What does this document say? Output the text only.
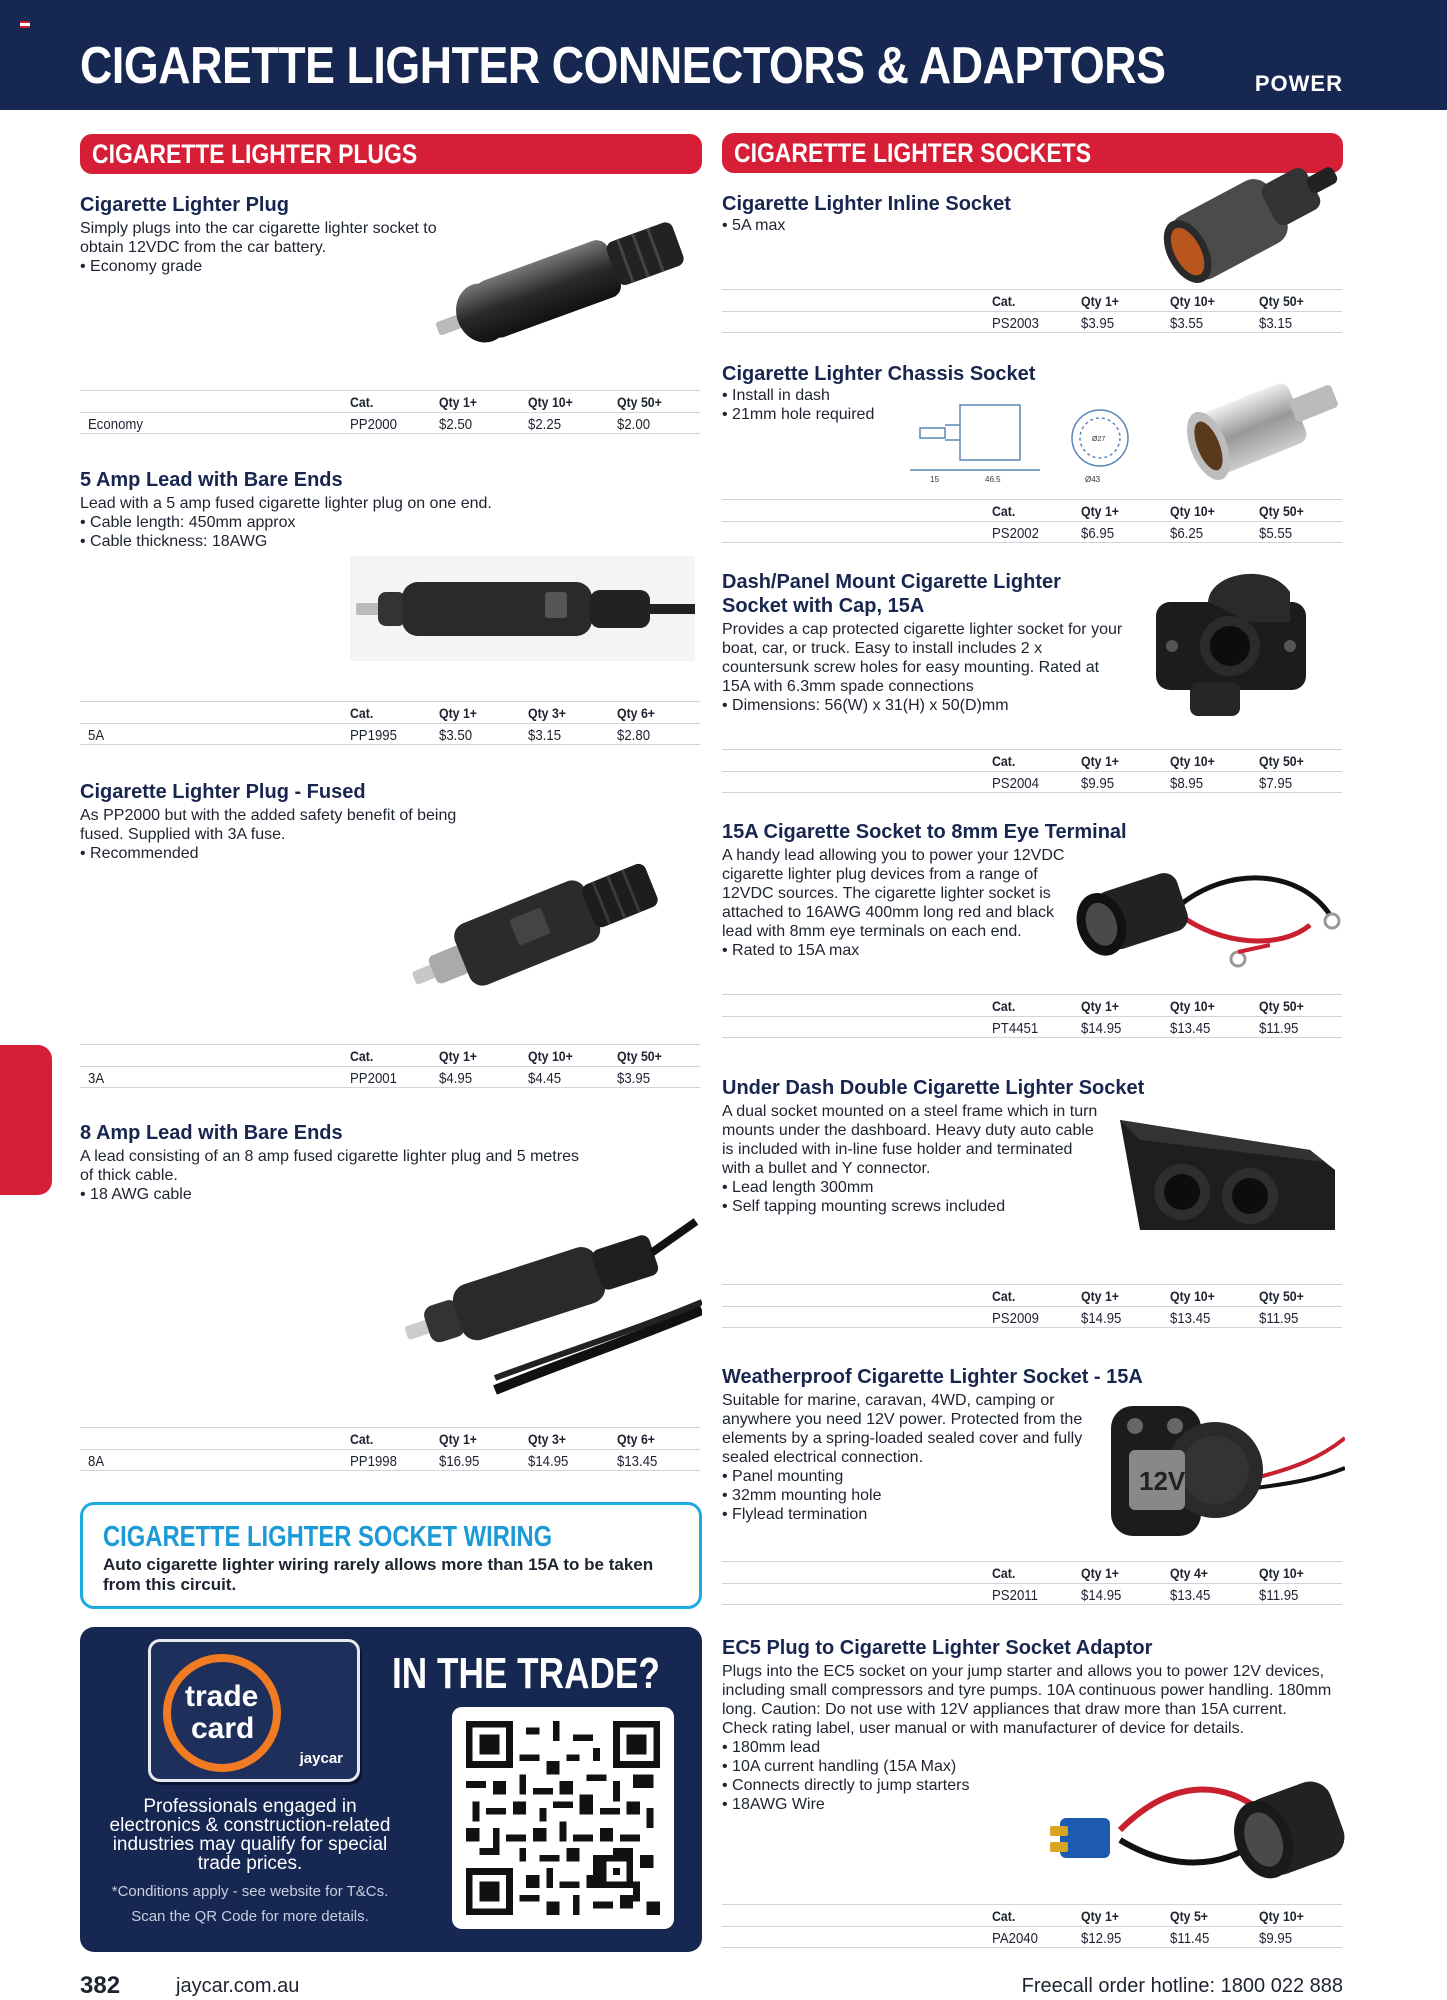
CIGARETTE LIGHTER CONNECTORS & ADAPTORS	POWER
CIGARETTE LIGHTER PLUGS	CIGARETTE LIGHTER SOCKETS
Cigarette Lighter Plug
Simply plugs into the car cigarette lighter socket to obtain 12VDC from the car battery.
• Economy grade
Cat.	Qty 1+	Qty 10+	Qty 50+
Economy	PP2000	$2.50	$2.25	$2.00
5 Amp Lead with Bare Ends
Lead with a 5 amp fused cigarette lighter plug on one end.
• Cable length: 450mm approx
• Cable thickness: 18AWG
Cat.	Qty 1+	Qty 3+	Qty 6+
5A	PP1995	$3.50	$3.15	$2.80
Cigarette Lighter Plug - Fused
As PP2000 but with the added safety benefit of being fused. Supplied with 3A fuse.
• Recommended
Cat.	Qty 1+	Qty 10+	Qty 50+
3A	PP2001	$4.95	$4.45	$3.95
8 Amp Lead with Bare Ends
A lead consisting of an 8 amp fused cigarette lighter plug and 5 metres of thick cable.
• 18 AWG cable
Cat.	Qty 1+	Qty 3+	Qty 6+
8A	PP1998	$16.95	$14.95	$13.45
CIGARETTE LIGHTER SOCKET WIRING
Auto cigarette lighter wiring rarely allows more than 15A to be taken from this circuit.
trade
card
jaycar
IN THE TRADE?
Professionals engaged in electronics & construction-related industries may qualify for special trade prices.
*Conditions apply - see website for T&Cs.
Scan the QR Code for more details.
Cigarette Lighter Inline Socket
• 5A max
Cat.	Qty 1+	Qty 10+	Qty 50+
PS2003	$3.95	$3.55	$3.15
Cigarette Lighter Chassis Socket
• Install in dash
• 21mm hole required
15	46.5	Ø43
Ø27
Cat.	Qty 1+	Qty 10+	Qty 50+
PS2002	$6.95	$6.25	$5.55
Dash/Panel Mount Cigarette Lighter
Socket with Cap, 15A
Provides a cap protected cigarette lighter socket for your boat, car, or truck. Easy to install includes 2 x countersunk screw holes for easy mounting. Rated at 15A with 6.3mm spade connections
• Dimensions: 56(W) x 31(H) x 50(D)mm
Cat.	Qty 1+	Qty 10+	Qty 50+
PS2004	$9.95	$8.95	$7.95
15A Cigarette Socket to 8mm Eye Terminal
A handy lead allowing you to power your 12VDC cigarette lighter plug devices from a range of 12VDC sources. The cigarette lighter socket is attached to 16AWG 400mm long red and black lead with 8mm eye terminals on each end.
• Rated to 15A max
Cat.	Qty 1+	Qty 10+	Qty 50+
PT4451	$14.95	$13.45	$11.95
Under Dash Double Cigarette Lighter Socket
A dual socket mounted on a steel frame which in turn mounts under the dashboard. Heavy duty auto cable is included with in-line fuse holder and terminated with a bullet and Y connector.
• Lead length 300mm
• Self tapping mounting screws included
Cat.	Qty 1+	Qty 10+	Qty 50+
PS2009	$14.95	$13.45	$11.95
Weatherproof Cigarette Lighter Socket - 15A
Suitable for marine, caravan, 4WD, camping or anywhere you need 12V power. Protected from the elements by a spring-loaded sealed cover and fully sealed electrical connection.
• Panel mounting
• 32mm mounting hole
• Flylead termination
12V
Cat.	Qty 1+	Qty 4+	Qty 10+
PS2011	$14.95	$13.45	$11.95
EC5 Plug to Cigarette Lighter Socket Adaptor
Plugs into the EC5 socket on your jump starter and allows you to power 12V devices, including small compressors and tyre pumps. 10A continuous power handling. 180mm long. Caution: Do not use with 12V appliances that draw more than 15A current. Check rating label, user manual or with manufacturer of device for details.
• 180mm lead
• 10A current handling (15A Max)
• Connects directly to jump starters
• 18AWG Wire
Cat.	Qty 1+	Qty 5+	Qty 10+
PA2040	$12.95	$11.45	$9.95
382	jaycar.com.au	Freecall order hotline: 1800 022 888
